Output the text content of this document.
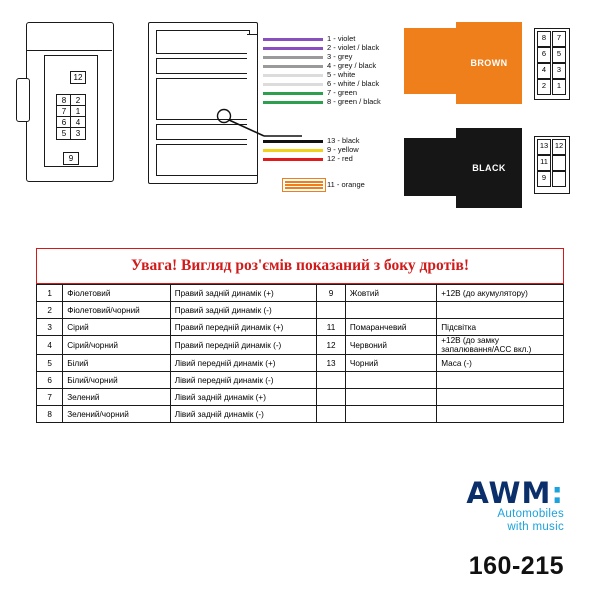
12
8	2
7	1
6	4
5	3
9
1 - violet
2 - violet / black
3 - grey
4 - grey / black
5 - white
6 - white / black
7 - green
8 - green / black
13 - black
9 - yellow
12 - red
11 - orange
BROWN
BLACK
8	7
6	5
4	3
2	1
13 12
11
9
Увага! Вигляд роз'ємів показаний з боку дротів!
1	Фіолетовий	Правий задній динамік (+)	9	Жовтий	+12В (до акумулятору)
2	Фіолетовий/чорний	Правий задній динамік (-)			
3	Сірий	Правий передній динамік (+)	11	Помаранчевий	Підсвітка
4	Сірий/чорний	Правий передній динамік (-)	12	Червоний	+12В (до замку запалювання/ACC вкл.)
5	Білий	Лівий передній динамік (+)	13	Чорний	Маса (-)
6	Білий/чорний	Лівий передній динамік (-)			
7	Зелений	Лівий задній динамік (+)			
8	Зелений/чорний	Лівий задній динамік (-)			
AWM:
Automobiles
with music
160-215
